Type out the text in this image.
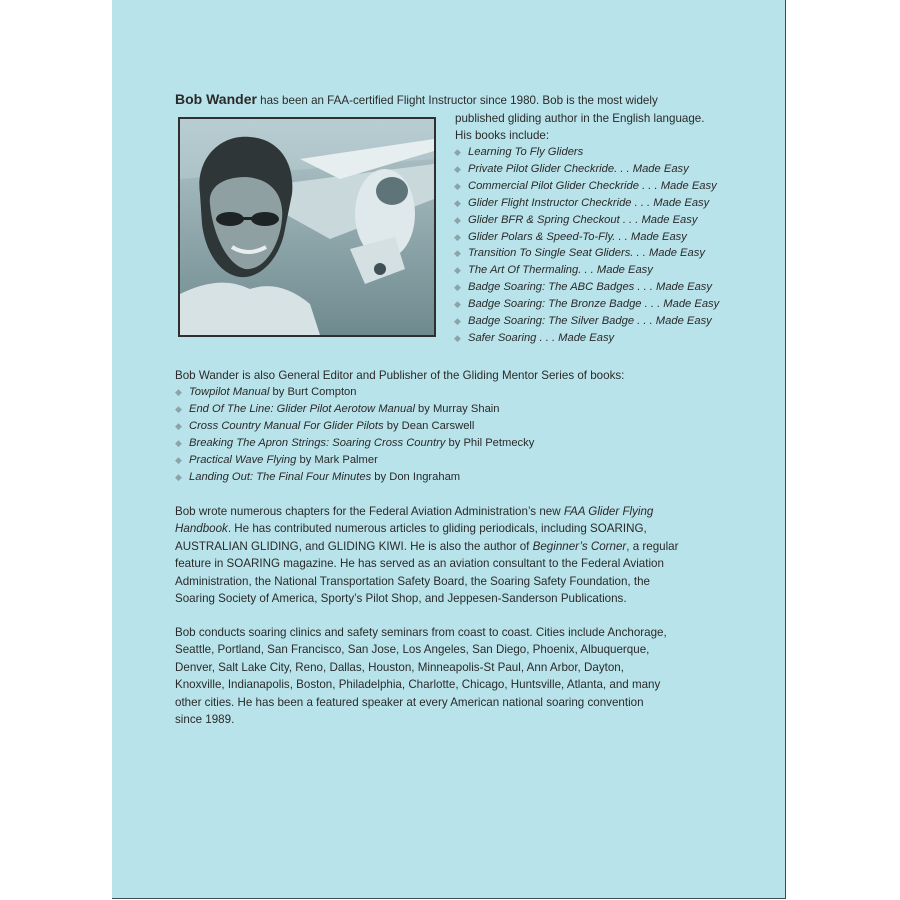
Bob Wander has been an FAA-certified Flight Instructor since 1980. Bob is the most widely
published gliding author in the English language.
His books include:
◆ Learning To Fly Gliders
◆ Private Pilot Glider Checkride. . . Made Easy
◆ Commercial Pilot Glider Checkride . . . Made Easy
◆ Glider Flight Instructor Checkride . . . Made Easy
◆ Glider BFR & Spring Checkout . . . Made Easy
◆ Glider Polars & Speed-To-Fly. . . Made Easy
◆ Transition To Single Seat Gliders. . . Made Easy
◆ The Art Of Thermaling. . . Made Easy
◆ Badge Soaring: The ABC Badges . . . Made Easy
◆ Badge Soaring: The Bronze Badge . . . Made Easy
◆ Badge Soaring: The Silver Badge . . . Made Easy
◆ Safer Soaring . . . Made Easy
Bob Wander is also General Editor and Publisher of the Gliding Mentor Series of books:
◆ Towpilot Manual by Burt Compton
◆ End Of The Line: Glider Pilot Aerotow Manual by Murray Shain
◆ Cross Country Manual For Glider Pilots by Dean Carswell
◆ Breaking The Apron Strings: Soaring Cross Country by Phil Petmecky
◆ Practical Wave Flying by Mark Palmer
◆ Landing Out: The Final Four Minutes by Don Ingraham
Bob wrote numerous chapters for the Federal Aviation Administration’s new FAA Glider Flying
Handbook. He has contributed numerous articles to gliding periodicals, including SOARING,
AUSTRALIAN GLIDING, and GLIDING KIWI. He is also the author of Beginner’s Corner, a regular
feature in SOARING magazine. He has served as an aviation consultant to the Federal Aviation
Administration, the National Transportation Safety Board, the Soaring Safety Foundation, the
Soaring Society of America, Sporty’s Pilot Shop, and Jeppesen-Sanderson Publications.
Bob conducts soaring clinics and safety seminars from coast to coast. Cities include Anchorage,
Seattle, Portland, San Francisco, San Jose, Los Angeles, San Diego, Phoenix, Albuquerque,
Denver, Salt Lake City, Reno, Dallas, Houston, Minneapolis-St Paul, Ann Arbor, Dayton,
Knoxville, Indianapolis, Boston, Philadelphia, Charlotte, Chicago, Huntsville, Atlanta, and many
other cities. He has been a featured speaker at every American national soaring convention
since 1989.
